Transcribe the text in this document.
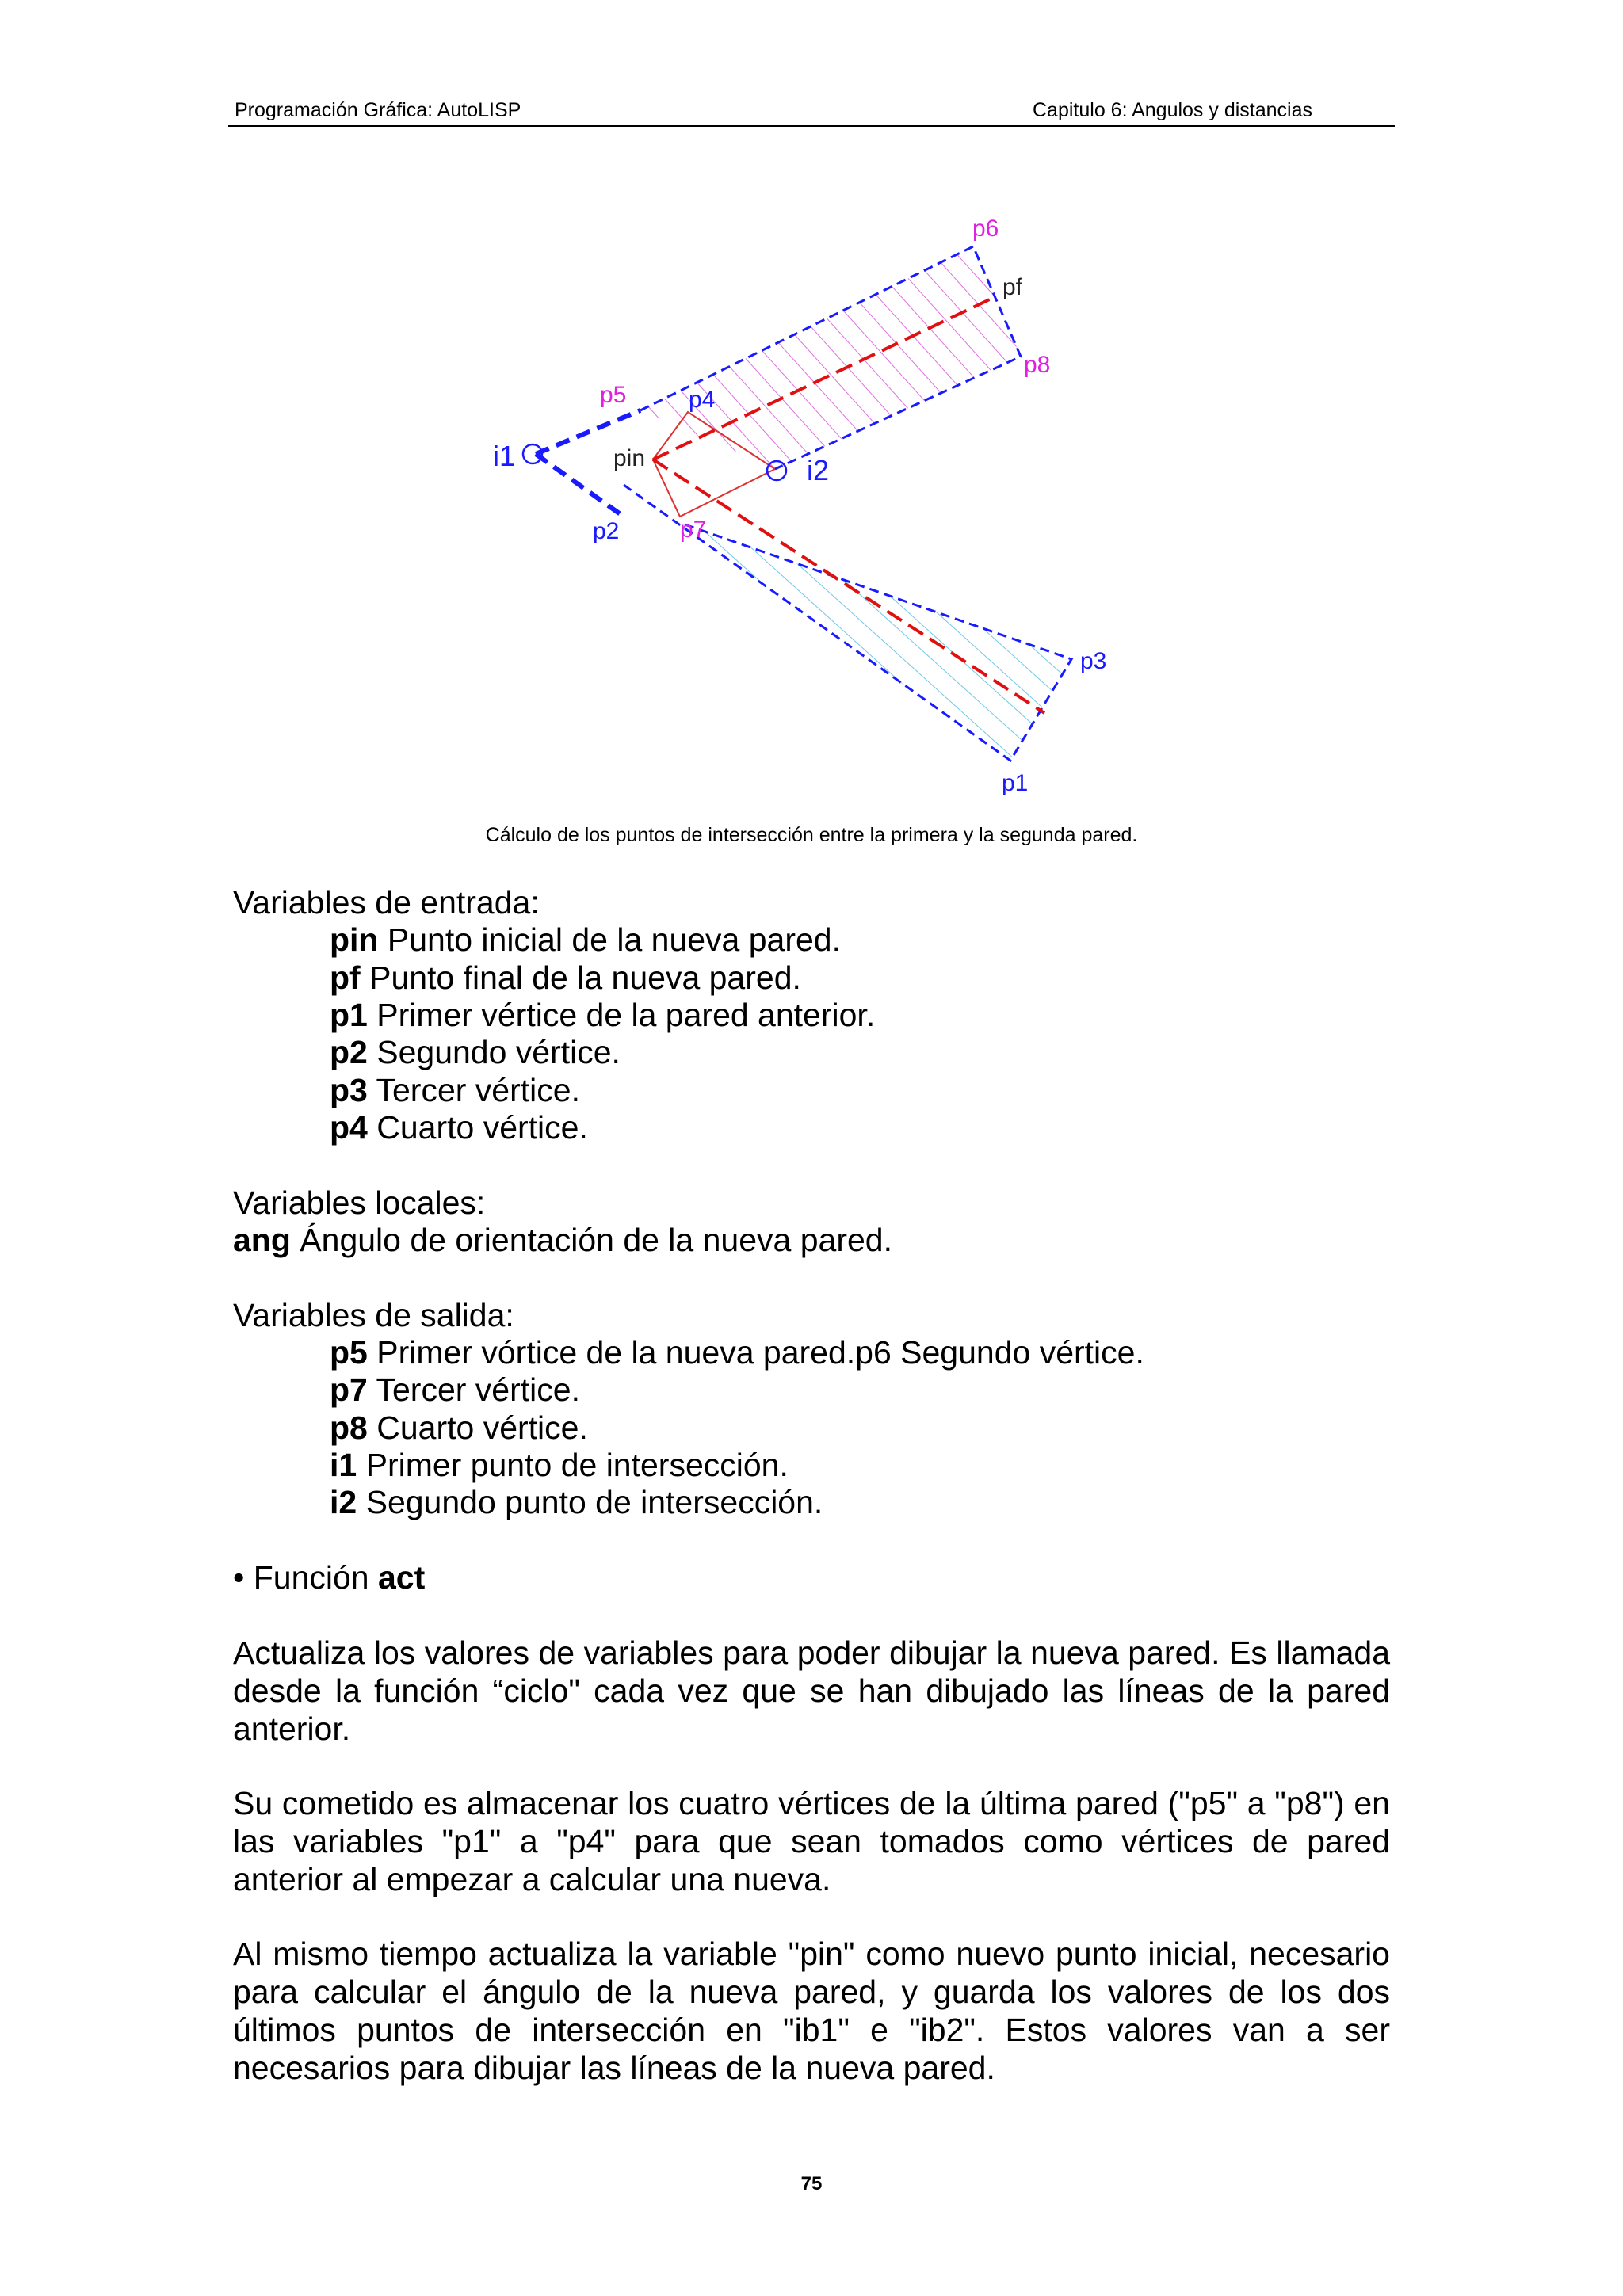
Programación Gráfica: AutoLISP	Capitulo 6: Angulos y distancias
p6
pf
p8
p5	p4
i1	pin	i2
p2	p7
p3
p1
Cálculo de los puntos de intersección entre la primera y la segunda pared.
Variables de entrada:
pin Punto inicial de la nueva pared.
pf Punto final de la nueva pared.
p1 Primer vértice de la pared anterior.
p2 Segundo vértice.
p3 Tercer vértice.
p4 Cuarto vértice.
Variables locales:
ang Ángulo de orientación de la nueva pared.
Variables de salida:
p5 Primer vórtice de la nueva pared.p6 Segundo vértice.
p7 Tercer vértice.
p8 Cuarto vértice.
i1 Primer punto de intersección.
i2 Segundo punto de intersección.
• Función act
Actualiza los valores de variables para poder dibujar la nueva pared. Es llamada desde la función “ciclo" cada vez que se han dibujado las líneas de la pared anterior.
Su cometido es almacenar los cuatro vértices de la última pared ("p5" a "p8") en las variables "p1" a "p4" para que sean tomados como vértices de pared anterior al empezar a calcular una nueva.
Al mismo tiempo actualiza la variable "pin" como nuevo punto inicial, necesario para calcular el ángulo de la nueva pared, y guarda los valores de los dos últimos puntos de intersección en "ib1" e "ib2". Estos valores van a ser necesarios para dibujar las líneas de la nueva pared.
75
